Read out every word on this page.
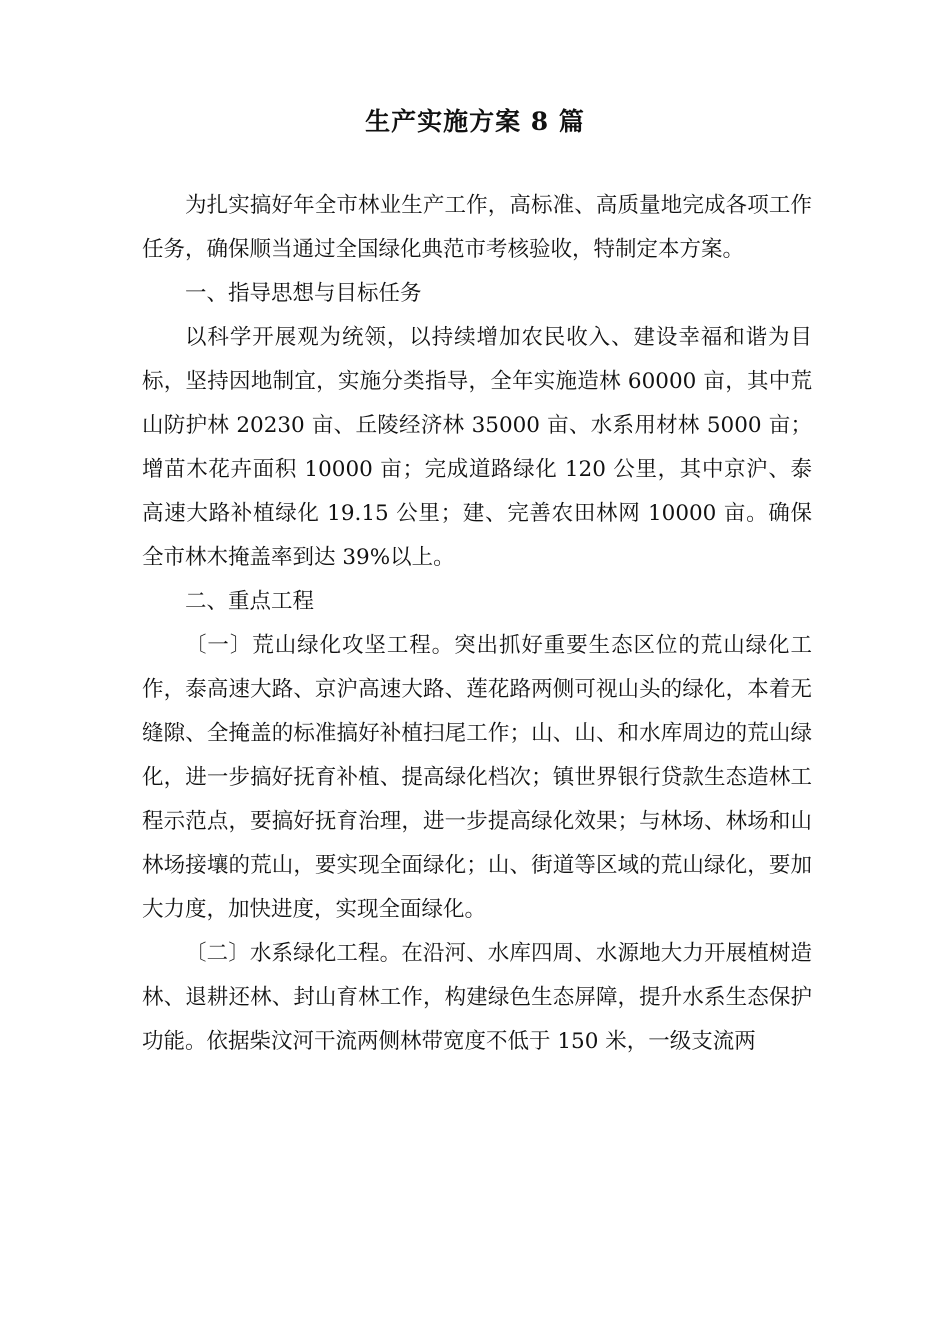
生产实施方案 8 篇

为扎实搞好年全市林业生产工作，高标准、高质量地完成各项工作任务，确保顺当通过全国绿化典范市考核验收，特制定本方案。

一、指导思想与目标任务

以科学开展观为统领，以持续增加农民收入、建设幸福和谐为目标，坚持因地制宜，实施分类指导，全年实施造林 60000 亩，其中荒山防护林 20230 亩、丘陵经济林 35000 亩、水系用材林 5000 亩；增苗木花卉面积 10000 亩；完成道路绿化 120 公里，其中京沪、泰高速大路补植绿化 19.15 公里；建、完善农田林网 10000 亩。确保全市林木掩盖率到达 39%以上。

二、重点工程

〔一〕荒山绿化攻坚工程。突出抓好重要生态区位的荒山绿化工作，泰高速大路、京沪高速大路、莲花路两侧可视山头的绿化，本着无缝隙、全掩盖的标准搞好补植扫尾工作；山、山、和水库周边的荒山绿化，进一步搞好抚育补植、提高绿化档次；镇世界银行贷款生态造林工程示范点，要搞好抚育治理，进一步提高绿化效果；与林场、林场和山林场接壤的荒山，要实现全面绿化；山、街道等区域的荒山绿化，要加大力度，加快进度，实现全面绿化。

〔二〕水系绿化工程。在沿河、水库四周、水源地大力开展植树造林、退耕还林、封山育林工作，构建绿色生态屏障，提升水系生态保护功能。依据柴汶河干流两侧林带宽度不低于 150 米，一级支流两
